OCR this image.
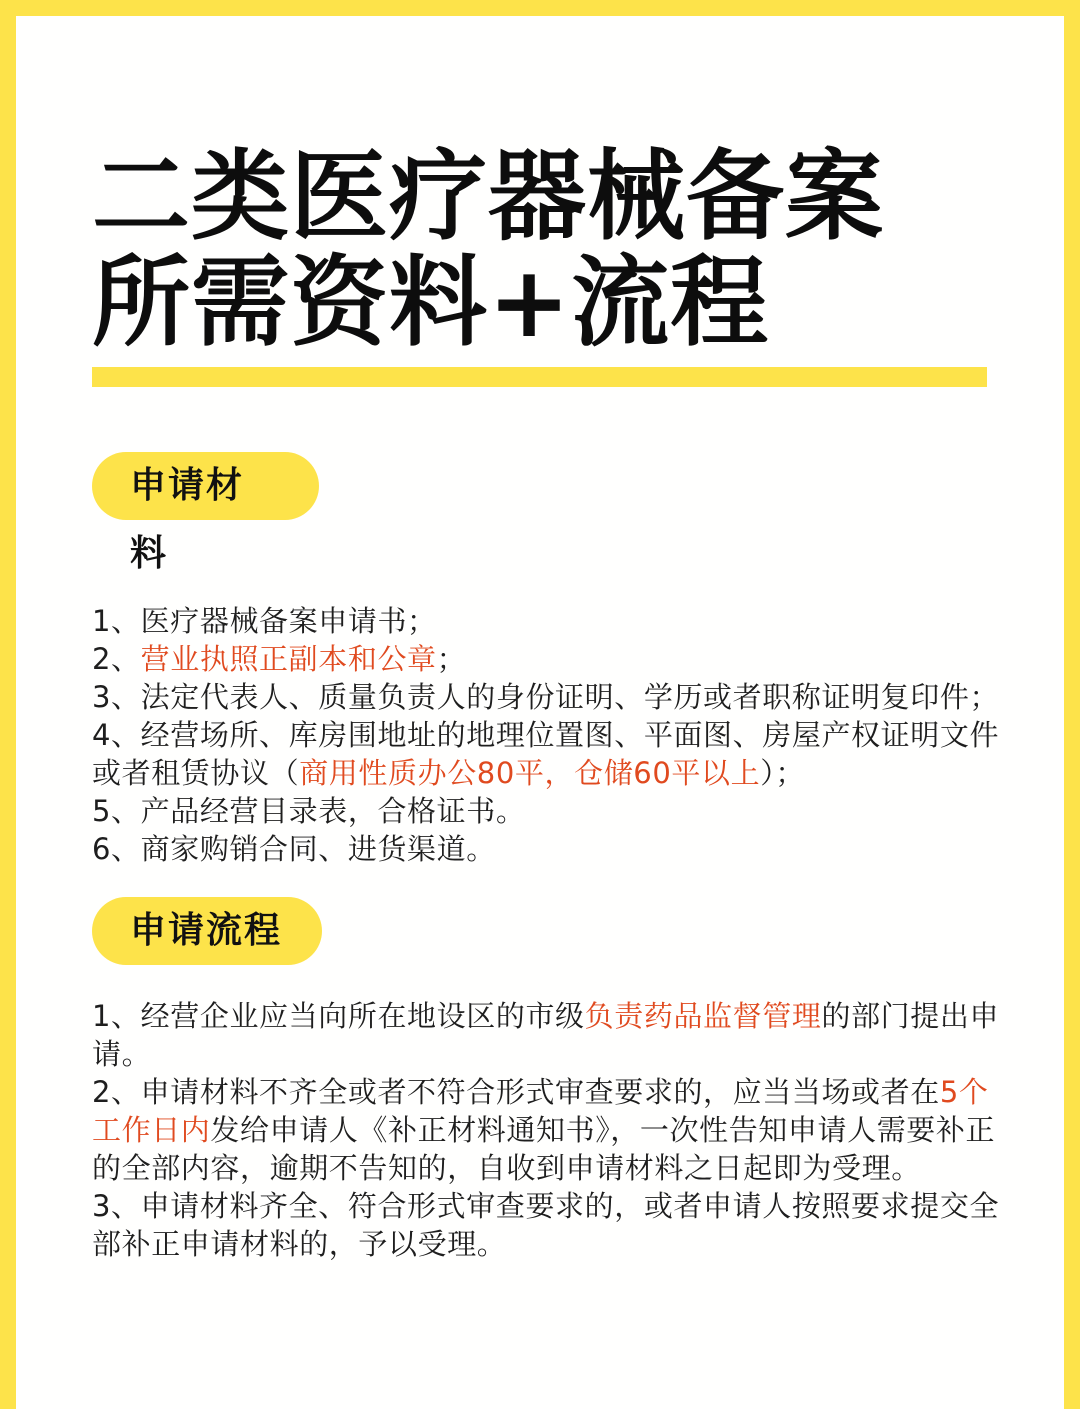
二类医疗器械备案
所需资料+流程
申请材料
1、医疗器械备案申请书；
2、营业执照正副本和公章；
3、法定代表人、质量负责人的身份证明、学历或者职称证明复印件；
4、经营场所、库房围地址的地理位置图、平面图、房屋产权证明文件或者租赁协议（商用性质办公80平，仓储60平以上）；
5、产品经营目录表，合格证书。
6、商家购销合同、进货渠道。
申请流程
1、经营企业应当向所在地设区的市级负责药品监督管理的部门提出申请。
2、申请材料不齐全或者不符合形式审查要求的，应当当场或者在5个工作日内发给申请人《补正材料通知书》，一次性告知申请人需要补正的全部内容，逾期不告知的，自收到申请材料之日起即为受理。
3、申请材料齐全、符合形式审查要求的，或者申请人按照要求提交全部补正申请材料的，予以受理。
